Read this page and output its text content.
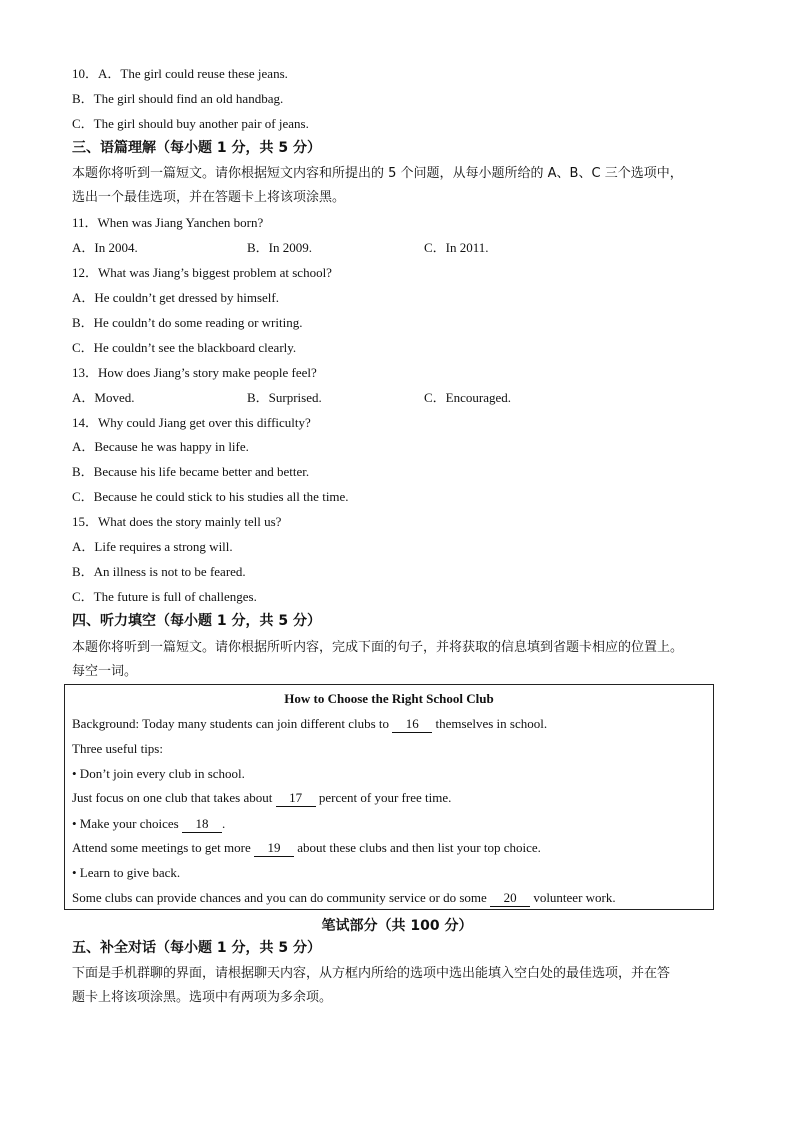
10．A．The girl could reuse these jeans.
B．The girl should find an old handbag.
C．The girl should buy another pair of jeans.
三、语篇理解（每小题 1 分，共 5 分）
本题你将听到一篇短文。请你根据短文内容和所提出的 5 个问题，从每小题所给的 A、B、C 三个选项中，
选出一个最佳选项，并在答题卡上将该项涂黑。
11．When was Jiang Yanchen born?
A．In 2004.	B．In 2009.	C．In 2011.
12．What was Jiang’s biggest problem at school?
A．He couldn’t get dressed by himself.
B．He couldn’t do some reading or writing.
C．He couldn’t see the blackboard clearly.
13．How does Jiang’s story make people feel?
A．Moved.	B．Surprised.	C．Encouraged.
14．Why could Jiang get over this difficulty?
A．Because he was happy in life.
B．Because his life became better and better.
C．Because he could stick to his studies all the time.
15．What does the story mainly tell us?
A．Life requires a strong will.
B．An illness is not to be feared.
C．The future is full of challenges.
四、听力填空（每小题 1 分，共 5 分）
本题你将听到一篇短文。请你根据所听内容，完成下面的句子，并将获取的信息填到省题卡相应的位置上。
每空一词。
How to Choose the Right School Club
Background: Today many students can join different clubs to 16 themselves in school.
Three useful tips:
• Don’t join every club in school.
Just focus on one club that takes about 17 percent of your free time.
• Make your choices 18 .
Attend some meetings to get more 19 about these clubs and then list your top choice.
• Learn to give back.
Some clubs can provide chances and you can do community service or do some 20 volunteer work.
笔试部分（共 100 分）
五、补全对话（每小题 1 分，共 5 分）
下面是手机群聊的界面，请根据聊天内容，从方框内所给的选项中选出能填入空白处的最佳选项，并在答
题卡上将该项涂黑。选项中有两项为多余项。
